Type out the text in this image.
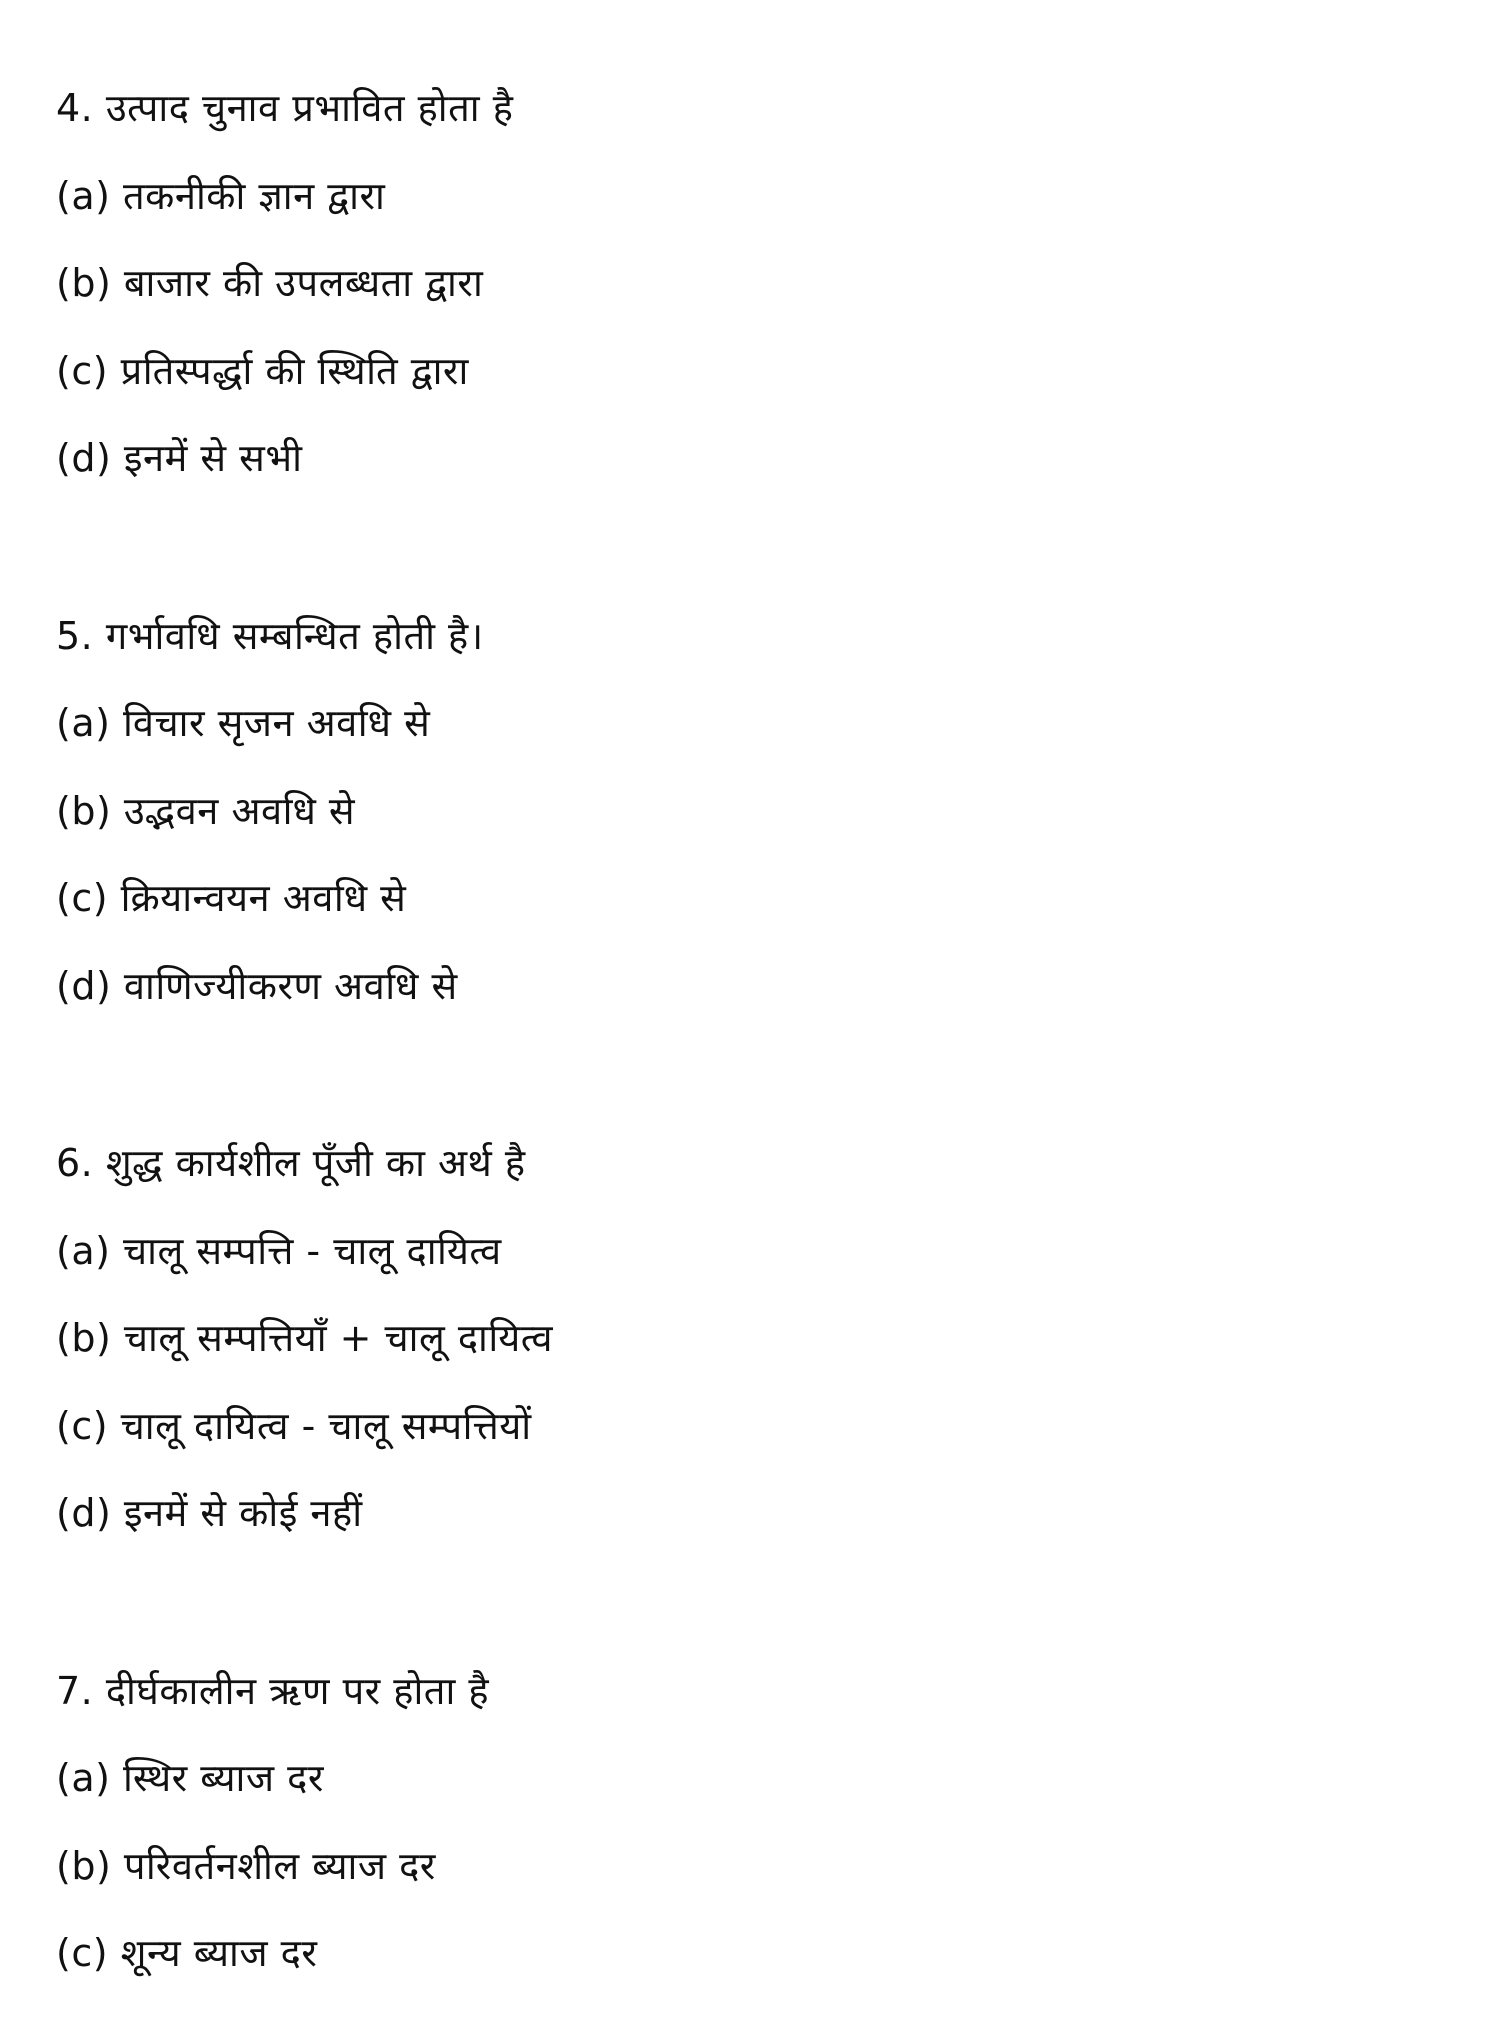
4. उत्पाद चुनाव प्रभावित होता है

(a) तकनीकी ज्ञान द्वारा

(b) बाजार की उपलब्धता द्वारा

(c) प्रतिस्पर्द्धा की स्थिति द्वारा

(d) इनमें से सभी

5. गर्भावधि सम्बन्धित होती है।

(a) विचार सृजन अवधि से

(b) उद्भवन अवधि से

(c) क्रियान्वयन अवधि से

(d) वाणिज्यीकरण अवधि से

6. शुद्ध कार्यशील पूँजी का अर्थ है

(a) चालू सम्पत्ति - चालू दायित्व

(b) चालू सम्पत्तियाँ + चालू दायित्व

(c) चालू दायित्व - चालू सम्पत्तियों

(d) इनमें से कोई नहीं

7. दीर्घकालीन ऋण पर होता है

(a) स्थिर ब्याज दर

(b) परिवर्तनशील ब्याज दर

(c) शून्य ब्याज दर
